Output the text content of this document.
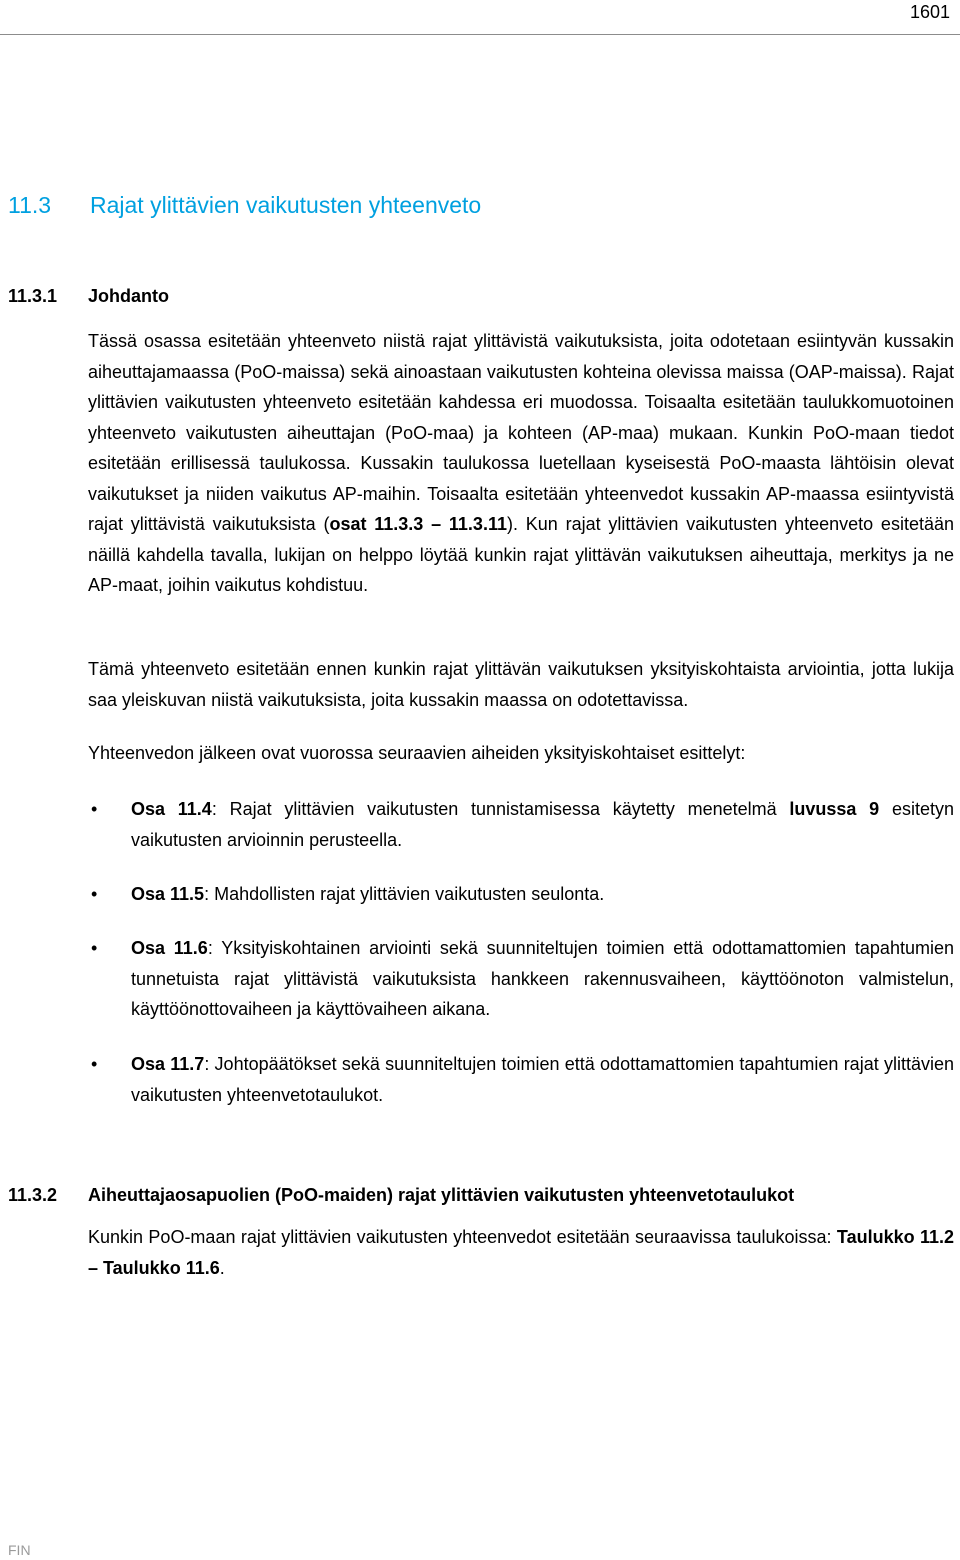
1601
11.3 Rajat ylittävien vaikutusten yhteenveto
11.3.1 Johdanto
Tässä osassa esitetään yhteenveto niistä rajat ylittävistä vaikutuksista, joita odotetaan esiintyvän kussakin aiheuttajamaassa (PoO-maissa) sekä ainoastaan vaikutusten kohteina olevissa maissa (OAP-maissa). Rajat ylittävien vaikutusten yhteenveto esitetään kahdessa eri muodossa. Toisaalta esitetään taulukkomuotoinen yhteenveto vaikutusten aiheuttajan (PoO-maa) ja kohteen (AP-maa) mukaan. Kunkin PoO-maan tiedot esitetään erillisessä taulukossa. Kussakin taulukossa luetellaan kyseisestä PoO-maasta lähtöisin olevat vaikutukset ja niiden vaikutus AP-maihin. Toisaalta esitetään yhteenvedot kussakin AP-maassa esiintyvistä rajat ylittävistä vaikutuksista (osat 11.3.3 – 11.3.11). Kun rajat ylittävien vaikutusten yhteenveto esitetään näillä kahdella tavalla, lukijan on helppo löytää kunkin rajat ylittävän vaikutuksen aiheuttaja, merkitys ja ne AP-maat, joihin vaikutus kohdistuu.
Tämä yhteenveto esitetään ennen kunkin rajat ylittävän vaikutuksen yksityiskohtaista arviointia, jotta lukija saa yleiskuvan niistä vaikutuksista, joita kussakin maassa on odotettavissa.
Yhteenvedon jälkeen ovat vuorossa seuraavien aiheiden yksityiskohtaiset esittelyt:
• Osa 11.4: Rajat ylittävien vaikutusten tunnistamisessa käytetty menetelmä luvussa 9 esitetyn vaikutusten arvioinnin perusteella.
• Osa 11.5: Mahdollisten rajat ylittävien vaikutusten seulonta.
• Osa 11.6: Yksityiskohtainen arviointi sekä suunniteltujen toimien että odottamattomien tapahtumien tunnetuista rajat ylittävistä vaikutuksista hankkeen rakennusvaiheen, käyttöönoton valmistelun, käyttöönottovaiheen ja käyttövaiheen aikana.
• Osa 11.7: Johtopäätökset sekä suunniteltujen toimien että odottamattomien tapahtumien rajat ylittävien vaikutusten yhteenvetotaulukot.
11.3.2 Aiheuttajaosapuolien (PoO-maiden) rajat ylittävien vaikutusten yhteenvetotaulukot
Kunkin PoO-maan rajat ylittävien vaikutusten yhteenvedot esitetään seuraavissa taulukoissa: Taulukko 11.2 – Taulukko 11.6.
FIN
